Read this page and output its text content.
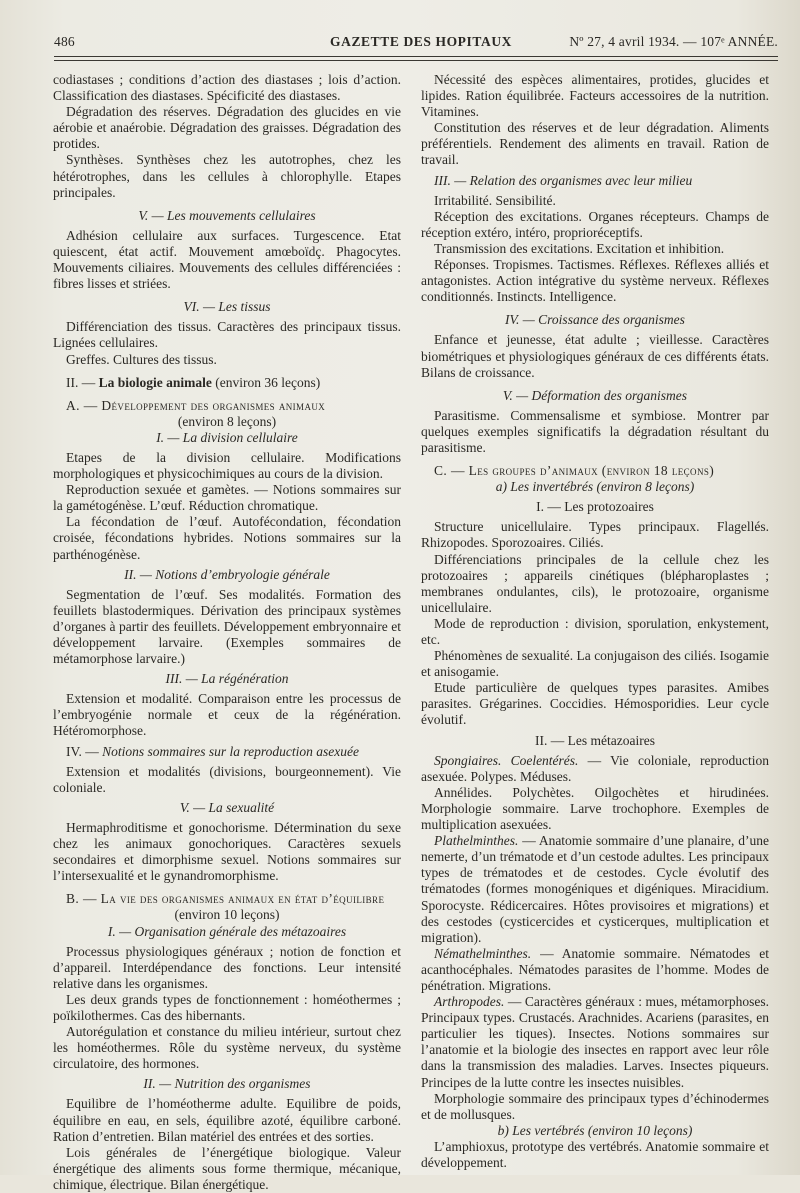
486	GAZETTE DES HOPITAUX	Nº 27, 4 avril 1934. — 107ᵉ ANNÉE.

codiastases ; conditions d’action des diastases ; lois d’action. Classification des diastases. Spécificité des diastases.

Dégradation des réserves. Dégradation des glucides en vie aérobie et anaérobie. Dégradation des graisses. Dégradation des protides.

Synthèses. Synthèses chez les autotrophes, chez les hétérotrophes, dans les cellules à chlorophylle. Etapes principales.

V. — Les mouvements cellulaires

Adhésion cellulaire aux surfaces. Turgescence. Etat quiescent, état actif. Mouvement amœboïdç. Phagocytes. Mouvements ciliaires. Mouvements des cellules différenciées : fibres lisses et striées.

VI. — Les tissus

Différenciation des tissus. Caractères des principaux tissus. Lignées cellulaires.

Greffes. Cultures des tissus.

II. — La biologie animale (environ 36 leçons)

A. — Développement des organismes animaux

(environ 8 leçons)

I. — La division cellulaire

Etapes de la division cellulaire. Modifications morphologiques et physicochimiques au cours de la division.

Reproduction sexuée et gamètes. — Notions sommaires sur la gamétogénèse. L’œuf. Réduction chromatique.

La fécondation de l’œuf. Autofécondation, fécondation croisée, fécondations hybrides. Notions sommaires sur la parthénogénèse.

II. — Notions d’embryologie générale

Segmentation de l’œuf. Ses modalités. Formation des feuillets blastodermiques. Dérivation des principaux systèmes d’organes à partir des feuillets. Développement embryonnaire et développement larvaire. (Exemples sommaires de métamorphose larvaire.)

III. — La régénération

Extension et modalité. Comparaison entre les processus de l’embryogénie normale et ceux de la régénération. Hétéromorphose.

IV. — Notions sommaires sur la reproduction asexuée

Extension et modalités (divisions, bourgeonnement). Vie coloniale.

V. — La sexualité

Hermaphroditisme et gonochorisme. Détermination du sexe chez les animaux gonochoriques. Caractères sexuels secondaires et dimorphisme sexuel. Notions sommaires sur l’intersexualité et le gynandromorphisme.

B. — La vie des organismes animaux en état d’équilibre

(environ 10 leçons)

I. — Organisation générale des métazoaires

Processus physiologiques généraux ; notion de fonction et d’appareil. Interdépendance des fonctions. Leur intensité relative dans les organismes.

Les deux grands types de fonctionnement : homéothermes ; poïkilothermes. Cas des hibernants.

Autorégulation et constance du milieu intérieur, surtout chez les homéothermes. Rôle du système nerveux, du système circulatoire, des hormones.

II. — Nutrition des organismes

Equilibre de l’homéotherme adulte. Equilibre de poids, équilibre en eau, en sels, équilibre azoté, équilibre carboné. Ration d’entretien. Bilan matériel des entrées et des sorties.

Lois générales de l’énergétique biologique. Valeur énergétique des aliments sous forme thermique, mécanique, chimique, électrique. Bilan énergétique.

Nécessité des espèces alimentaires, protides, glucides et lipides. Ration équilibrée. Facteurs accessoires de la nutrition. Vitamines.

Constitution des réserves et de leur dégradation. Aliments préférentiels. Rendement des aliments en travail. Ration de travail.

III. — Relation des organismes avec leur milieu

Irritabilité. Sensibilité.

Réception des excitations. Organes récepteurs. Champs de réception extéro, intéro, proprioréceptifs.

Transmission des excitations. Excitation et inhibition.

Réponses. Tropismes. Tactismes. Réflexes. Réflexes alliés et antagonistes. Action intégrative du système nerveux. Réflexes conditionnés. Instincts. Intelligence.

IV. — Croissance des organismes

Enfance et jeunesse, état adulte ; vieillesse. Caractères biométriques et physiologiques généraux de ces différents états. Bilans de croissance.

V. — Déformation des organismes

Parasitisme. Commensalisme et symbiose. Montrer par quelques exemples significatifs la dégradation résultant du parasitisme.

C. — Les groupes d’animaux (environ 18 leçons)

a) Les invertébrés (environ 8 leçons)

I. — Les protozoaires

Structure unicellulaire. Types principaux. Flagellés. Rhizopodes. Sporozoaires. Ciliés.

Différenciations principales de la cellule chez les protozoaires ; appareils cinétiques (blépharoplastes ; membranes ondulantes, cils), le protozoaire, organisme unicellulaire.

Mode de reproduction : division, sporulation, enkystement, etc.

Phénomènes de sexualité. La conjugaison des ciliés. Isogamie et anisogamie.

Etude particulière de quelques types parasites. Amibes parasites. Grégarines. Coccidies. Hémosporidies. Leur cycle évolutif.

II. — Les métazoaires

Spongiaires. Coelentérés. — Vie coloniale, reproduction asexuée. Polypes. Méduses.

Annélides. Polychètes. Oilgochètes et hirudinées. Morphologie sommaire. Larve trochophore. Exemples de multiplication asexuées.

Plathelminthes. — Anatomie sommaire d’une planaire, d’une nemerte, d’un trématode et d’un cestode adultes. Les principaux types de trématodes et de cestodes. Cycle évolutif des trématodes (formes monogéniques et digéniques. Miracidium. Sporocyste. Rédicercaires. Hôtes provisoires et migrations) et des cestodes (cysticercides et cysticerques, multiplication et migration).

Némathelminthes. — Anatomie sommaire. Nématodes et acanthocéphales. Nématodes parasites de l’homme. Modes de pénétration. Migrations.

Arthropodes. — Caractères généraux : mues, métamorphoses. Principaux types. Crustacés. Arachnides. Acariens (parasites, en particulier les tiques). Insectes. Notions sommaires sur l’anatomie et la biologie des insectes en rapport avec leur rôle dans la transmission des maladies. Larves. Insectes piqueurs. Principes de la lutte contre les insectes nuisibles.

Morphologie sommaire des principaux types d’échinodermes et de mollusques.

b) Les vertébrés (environ 10 leçons)

L’amphioxus, prototype des vertébrés. Anatomie sommaire et développement.
